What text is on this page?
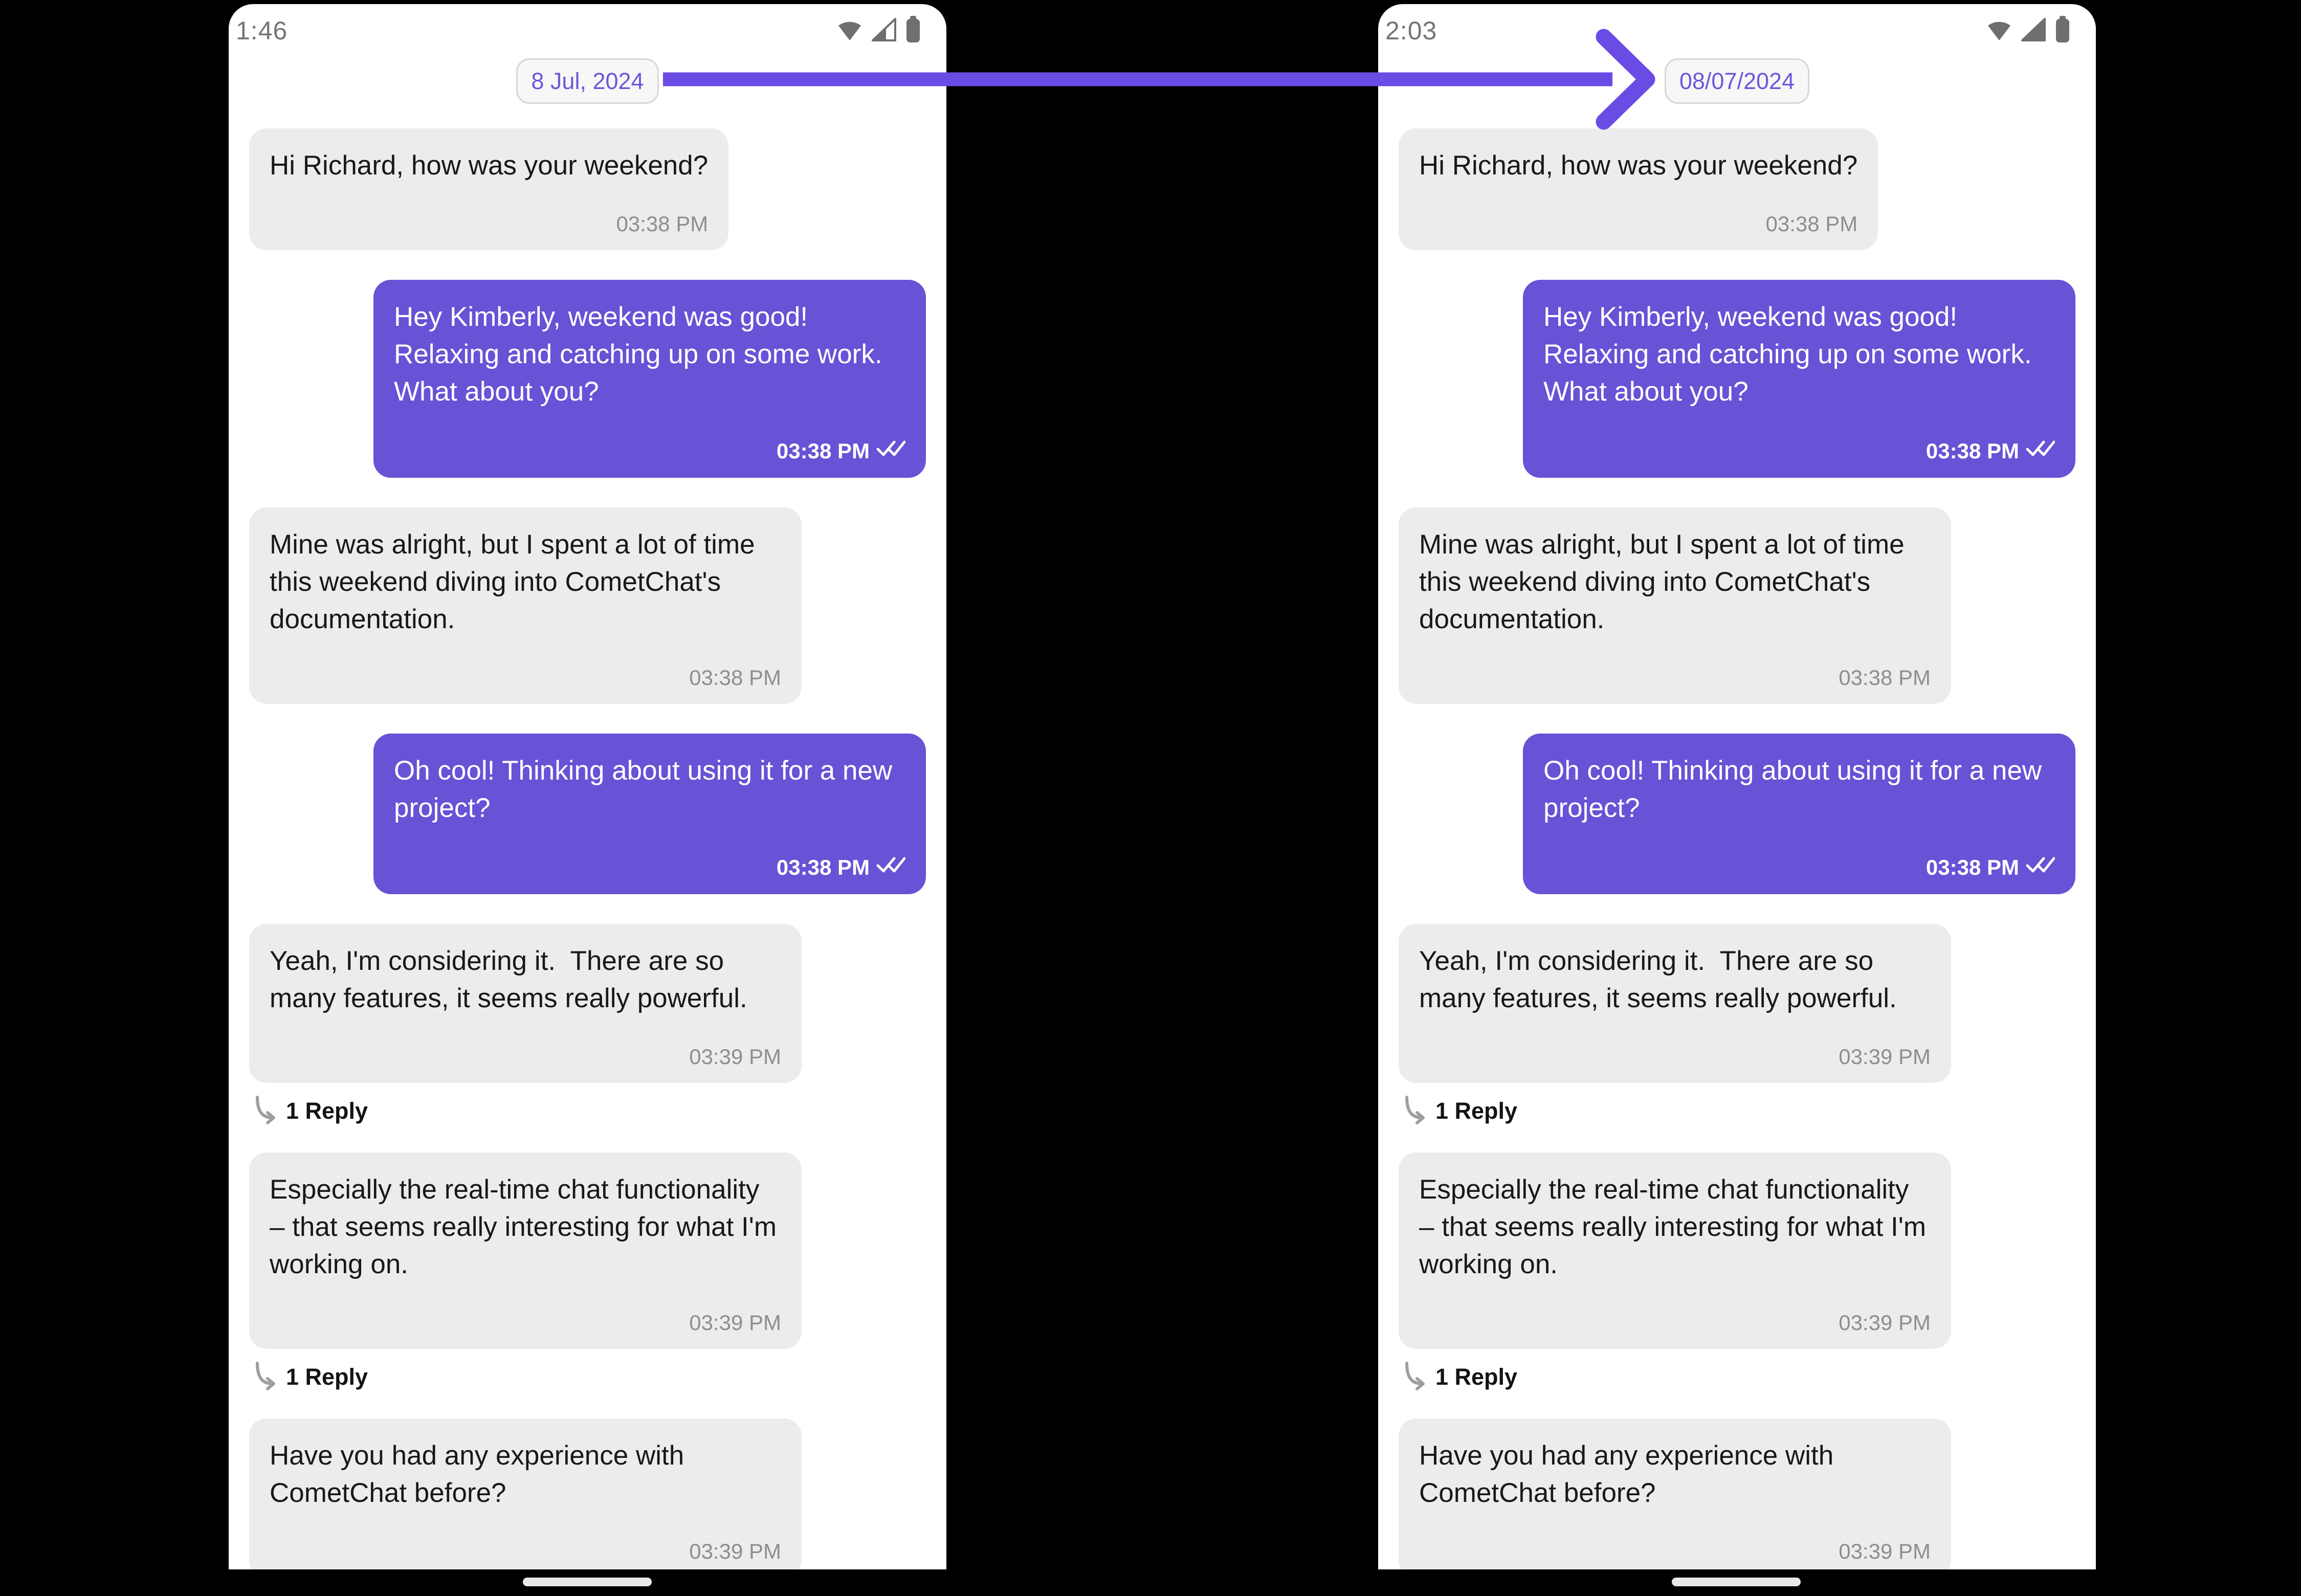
1:46
8 Jul, 2024
Hi Richard, how was your weekend?
03:38 PM
Hey Kimberly, weekend was good! Relaxing and catching up on some work. What about you?
03:38 PM
Mine was alright, but I spent a lot of time this weekend diving into CometChat's documentation.
03:38 PM
Oh cool! Thinking about using it for a new project?
03:38 PM
Yeah, I'm considering it.  There are so many features, it seems really powerful.
03:39 PM
1 Reply
Especially the real-time chat functionality – that seems really interesting for what I'm working on.
03:39 PM
1 Reply
Have you had any experience with CometChat before?
03:39 PM
2:03
08/07/2024
Hi Richard, how was your weekend?
03:38 PM
Hey Kimberly, weekend was good! Relaxing and catching up on some work. What about you?
03:38 PM
Mine was alright, but I spent a lot of time this weekend diving into CometChat's documentation.
03:38 PM
Oh cool! Thinking about using it for a new project?
03:38 PM
Yeah, I'm considering it.  There are so many features, it seems really powerful.
03:39 PM
1 Reply
Especially the real-time chat functionality – that seems really interesting for what I'm working on.
03:39 PM
1 Reply
Have you had any experience with CometChat before?
03:39 PM
